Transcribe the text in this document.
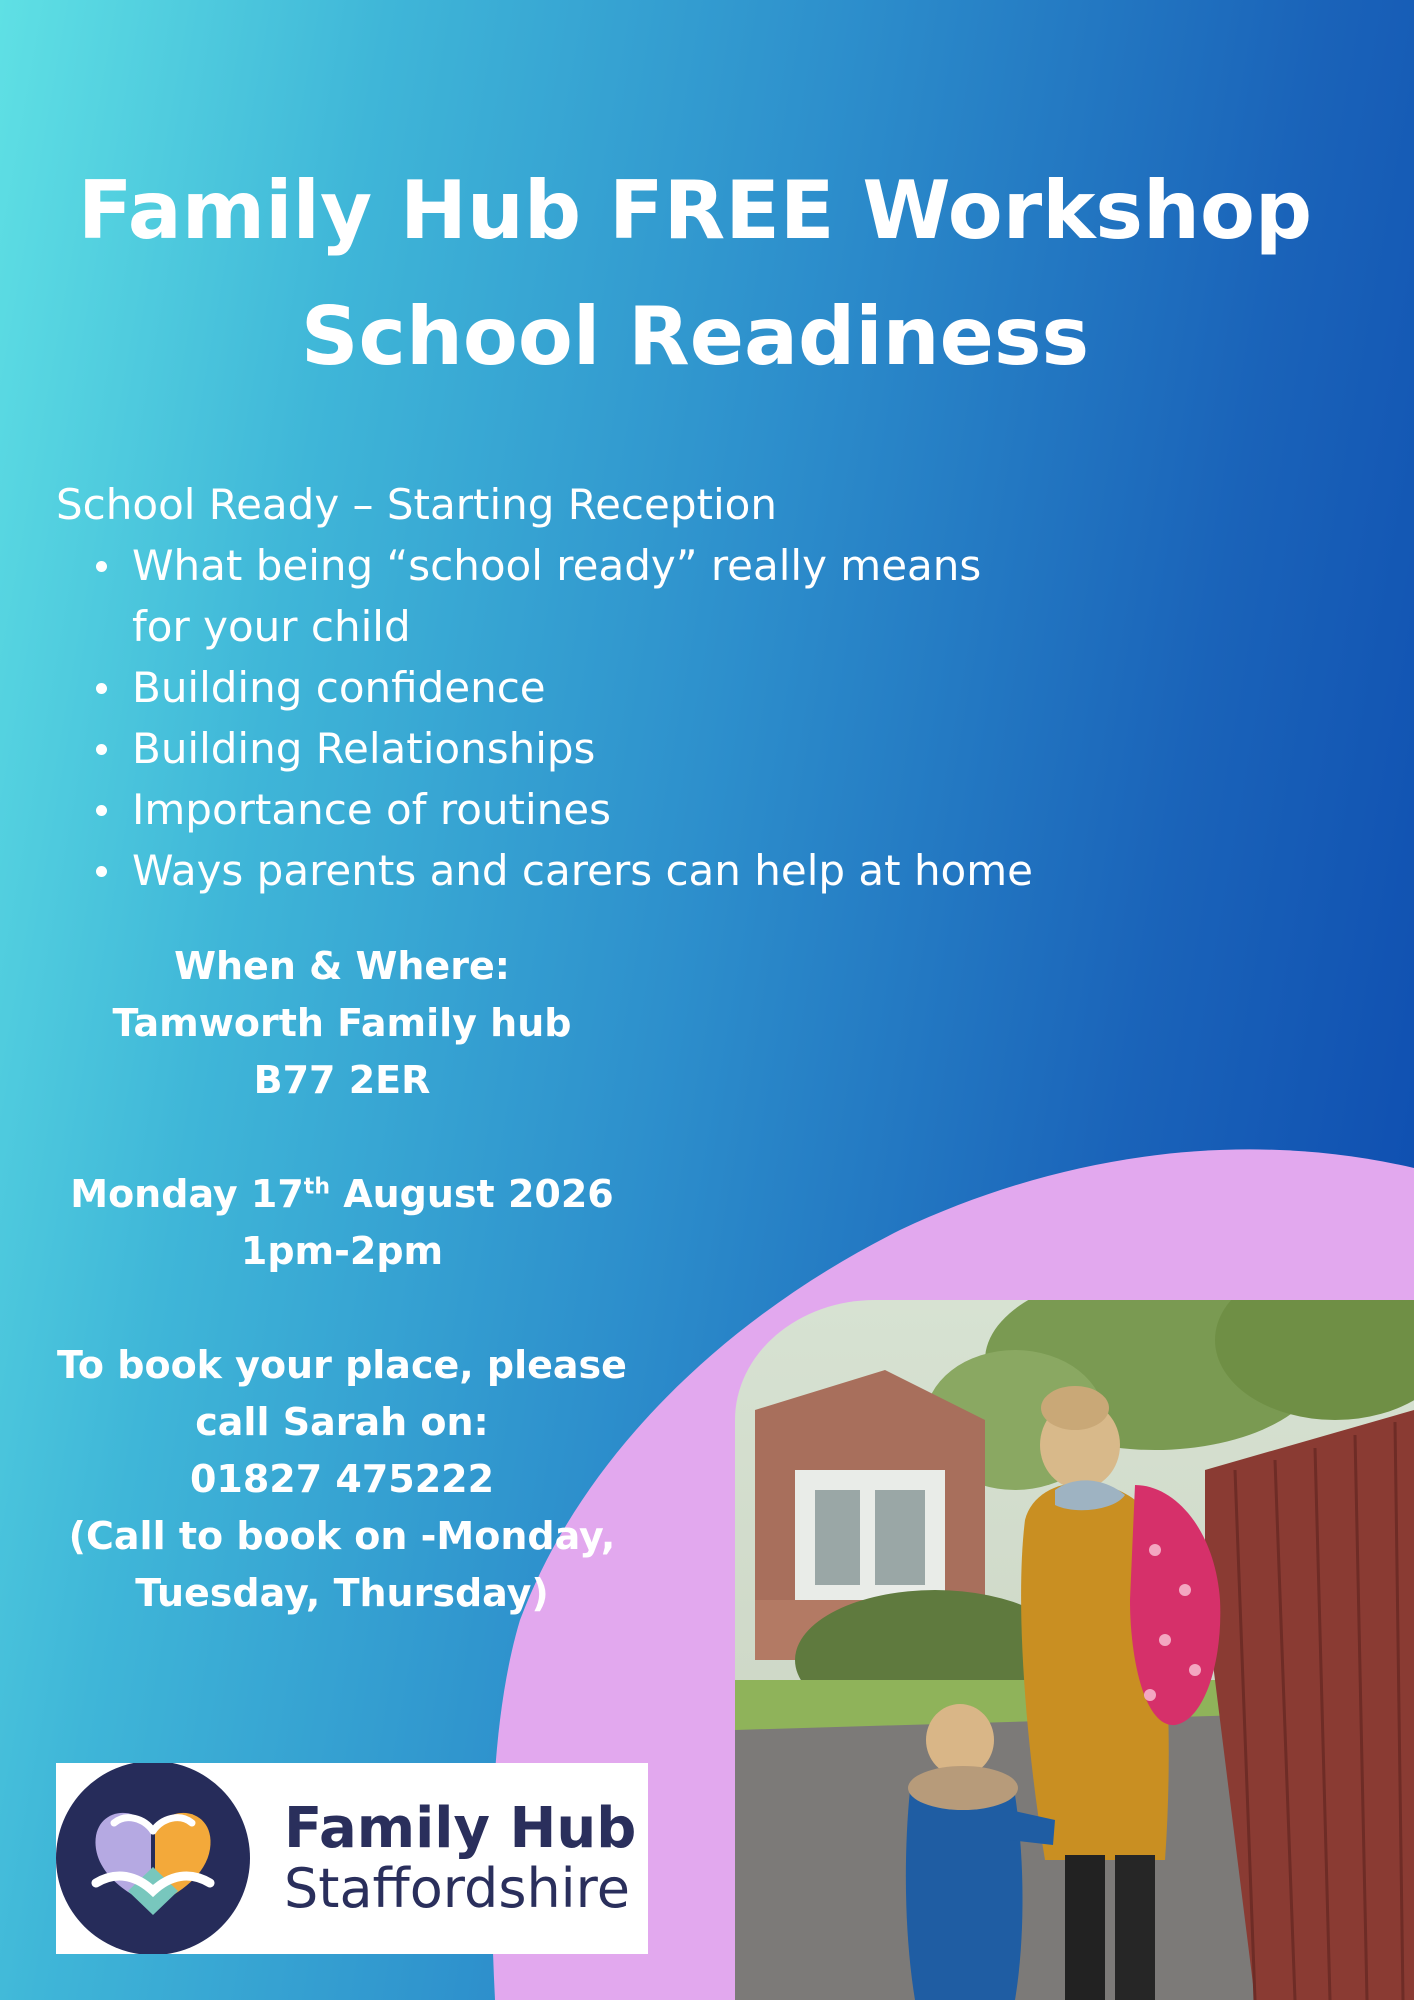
Family Hub FREE Workshop
School Readiness

School Ready – Starting Reception

What being “school ready” really means for your child
Building confidence
Building Relationships
Importance of routines
Ways parents and carers can help at home

When & Where:

Tamworth Family hub

B77 2ER

Monday 17th August 2026

1pm-2pm

To book your place, please

call Sarah on:

01827 475222

(Call to book on -Monday,

Tuesday, Thursday)

Family Hub
Staffordshire
